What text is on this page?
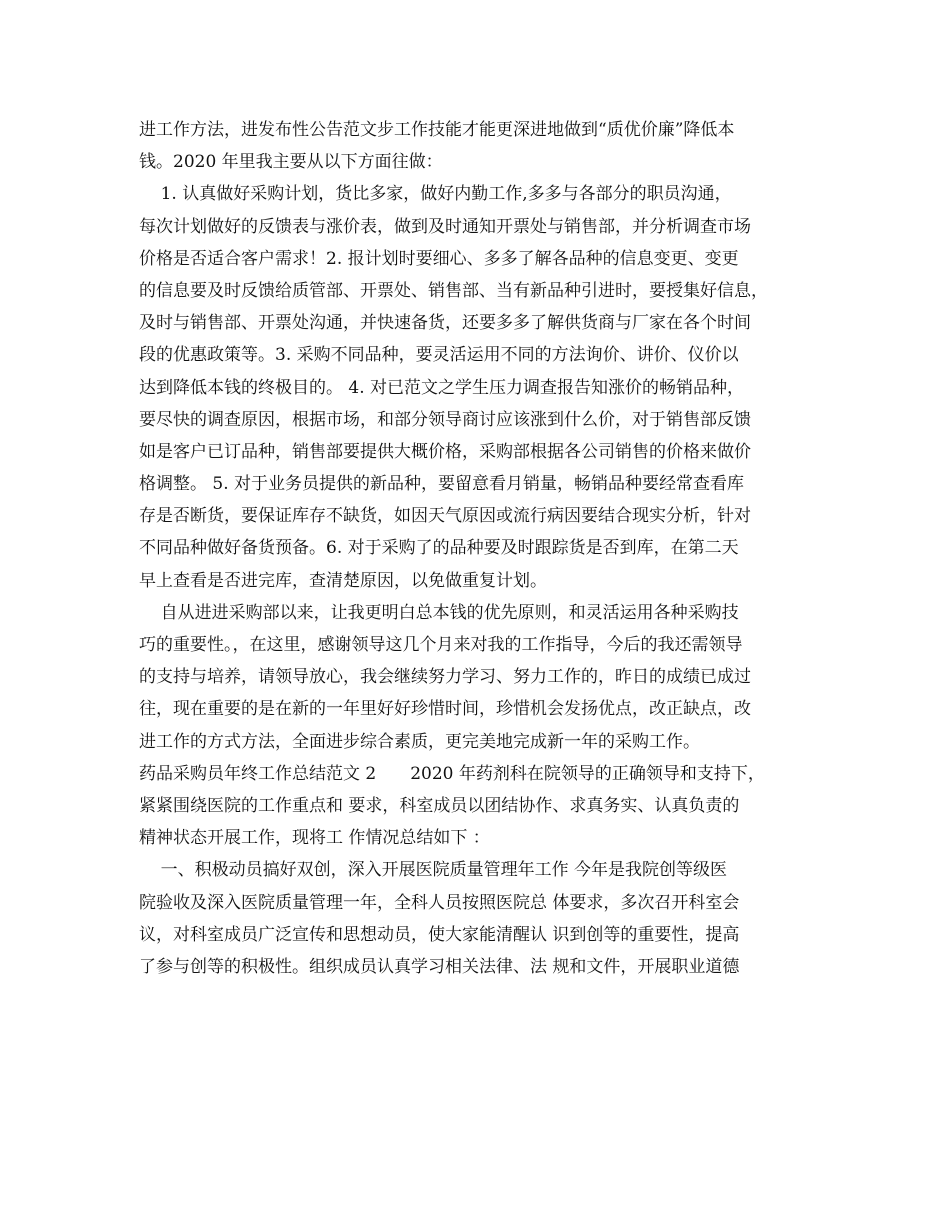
进工作方法，进发布性公告范文步工作技能才能更深进地做到“质优价廉”降低本

钱。2020 年里我主要从以下方面往做：

1. 认真做好采购计划，货比多家，做好内勤工作,多多与各部分的职员沟通，

每次计划做好的反馈表与涨价表，做到及时通知开票处与销售部，并分析调查市场

价格是否适合客户需求！2. 报计划时要细心、多多了解各品种的信息变更、变更

的信息要及时反馈给质管部、开票处、销售部、当有新品种引进时，要授集好信息，

及时与销售部、开票处沟通，并快速备货，还要多多了解供货商与厂家在各个时间

段的优惠政策等。3. 采购不同品种，要灵活运用不同的方法询价、讲价、仪价以

达到降低本钱的终极目的。 4. 对已范文之学生压力调查报告知涨价的畅销品种，

要尽快的调查原因，根据市场，和部分领导商讨应该涨到什么价，对于销售部反馈

如是客户已订品种，销售部要提供大概价格，采购部根据各公司销售的价格来做价

格调整。 5. 对于业务员提供的新品种，要留意看月销量，畅销品种要经常查看库

存是否断货，要保证库存不缺货，如因天气原因或流行病因要结合现实分析，针对

不同品种做好备货预备。6. 对于采购了的品种要及时跟踪货是否到库，在第二天

早上查看是否进完库，查清楚原因，以免做重复计划。

自从进进采购部以来，让我更明白总本钱的优先原则，和灵活运用各种采购技

巧的重要性。，在这里，感谢领导这几个月来对我的工作指导，今后的我还需领导

的支持与培养，请领导放心，我会继续努力学习、努力工作的，昨日的成绩已成过

往，现在重要的是在新的一年里好好珍惜时间，珍惜机会发扬优点，改正缺点，改

进工作的方式方法，全面进步综合素质，更完美地完成新一年的采购工作。

药品采购员年终工作总结范文 2　　2020 年药剂科在院领导的正确领导和支持下，

紧紧围绕医院的工作重点和 要求，科室成员以团结协作、求真务实、认真负责的

精神状态开展工作，现将工 作情况总结如下 ：

一、积极动员搞好双创，深入开展医院质量管理年工作 今年是我院创等级医

院验收及深入医院质量管理一年，全科人员按照医院总 体要求，多次召开科室会

议，对科室成员广泛宣传和思想动员，使大家能清醒认 识到创等的重要性，提高

了参与创等的积极性。组织成员认真学习相关法律、法 规和文件，开展职业道德
